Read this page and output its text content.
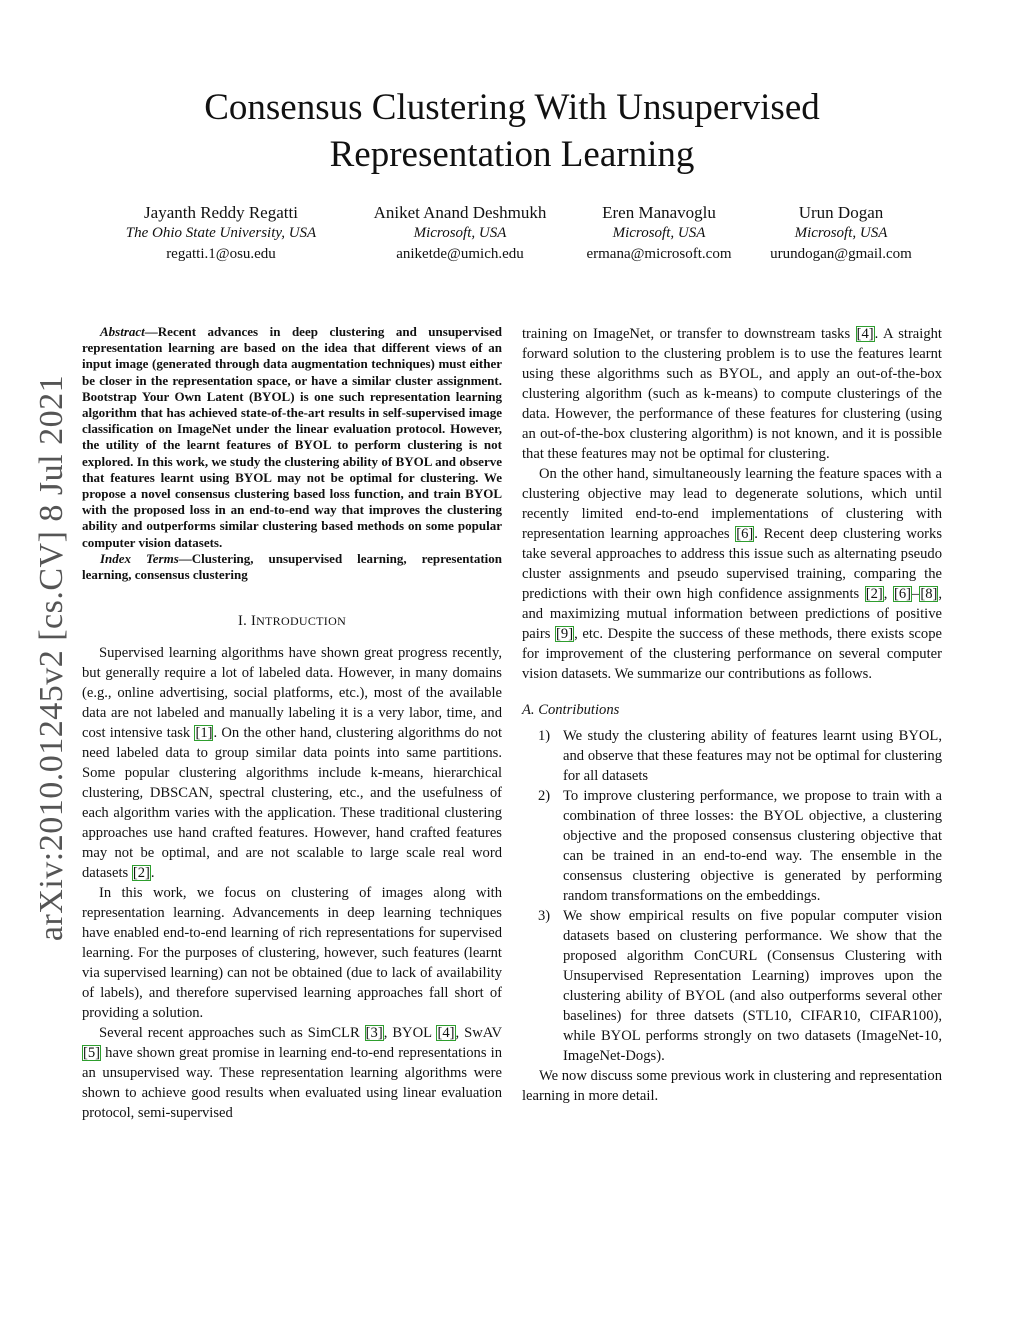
arXiv:2010.01245v2 [cs.CV] 8 Jul 2021
Consensus Clustering With Unsupervised
Representation Learning
Jayanth Reddy Regatti
The Ohio State University, USA
regatti.1@osu.edu
Aniket Anand Deshmukh
Microsoft, USA
aniketde@umich.edu
Eren Manavoglu
Microsoft, USA
ermana@microsoft.com
Urun Dogan
Microsoft, USA
urundogan@gmail.com

Abstract—Recent advances in deep clustering and unsupervised representation learning are based on the idea that different views of an input image (generated through data augmentation techniques) must either be closer in the representation space, or have a similar cluster assignment. Bootstrap Your Own Latent (BYOL) is one such representation learning algorithm that has achieved state-of-the-art results in self-supervised image classification on ImageNet under the linear evaluation protocol. However, the utility of the learnt features of BYOL to perform clustering is not explored. In this work, we study the clustering ability of BYOL and observe that features learnt using BYOL may not be optimal for clustering. We propose a novel consensus clustering based loss function, and train BYOL with the proposed loss in an end-to-end way that improves the clustering ability and outperforms similar clustering based methods on some popular computer vision datasets.

Index Terms—Clustering, unsupervised learning, representation learning, consensus clustering

I. INTRODUCTION

Supervised learning algorithms have shown great progress recently, but generally require a lot of labeled data. However, in many domains (e.g., online advertising, social platforms, etc.), most of the available data are not labeled and manually labeling it is a very labor, time, and cost intensive task [1]. On the other hand, clustering algorithms do not need labeled data to group similar data points into same partitions. Some popular clustering algorithms include k-means, hierarchical clustering, DBSCAN, spectral clustering, etc., and the usefulness of each algorithm varies with the application. These traditional clustering approaches use hand crafted features. However, hand crafted features may not be optimal, and are not scalable to large scale real word datasets [2].

In this work, we focus on clustering of images along with representation learning. Advancements in deep learning techniques have enabled end-to-end learning of rich representations for supervised learning. For the purposes of clustering, however, such features (learnt via supervised learning) can not be obtained (due to lack of availability of labels), and therefore supervised learning approaches fall short of providing a solution.

Several recent approaches such as SimCLR [3], BYOL [4], SwAV [5] have shown great promise in learning end-to-end representations in an unsupervised way. These representation learning algorithms were shown to achieve good results when evaluated using linear evaluation protocol, semi-supervised

training on ImageNet, or transfer to downstream tasks [4]. A straight forward solution to the clustering problem is to use the features learnt using these algorithms such as BYOL, and apply an out-of-the-box clustering algorithm (such as k-means) to compute clusterings of the data. However, the performance of these features for clustering (using an out-of-the-box clustering algorithm) is not known, and it is possible that these features may not be optimal for clustering.

On the other hand, simultaneously learning the feature spaces with a clustering objective may lead to degenerate solutions, which until recently limited end-to-end implementations of clustering with representation learning approaches [6]. Recent deep clustering works take several approaches to address this issue such as alternating pseudo cluster assignments and pseudo supervised training, comparing the predictions with their own high confidence assignments [2], [6]–[8], and maximizing mutual information between predictions of positive pairs [9], etc. Despite the success of these methods, there exists scope for improvement of the clustering performance on several computer vision datasets. We summarize our contributions as follows.

A. Contributions
1) We study the clustering ability of features learnt using BYOL, and observe that these features may not be optimal for clustering for all datasets
2) To improve clustering performance, we propose to train with a combination of three losses: the BYOL objective, a clustering objective and the proposed consensus clustering objective that can be trained in an end-to-end way. The ensemble in the consensus clustering objective is generated by performing random transformations on the embeddings.
3) We show empirical results on five popular computer vision datasets based on clustering performance. We show that the proposed algorithm ConCURL (Consensus Clustering with Unsupervised Representation Learning) improves upon the clustering ability of BYOL (and also outperforms several other baselines) for three datsets (STL10, CIFAR10, CIFAR100), while BYOL performs strongly on two datasets (ImageNet-10, ImageNet-Dogs).

We now discuss some previous work in clustering and representation learning in more detail.
